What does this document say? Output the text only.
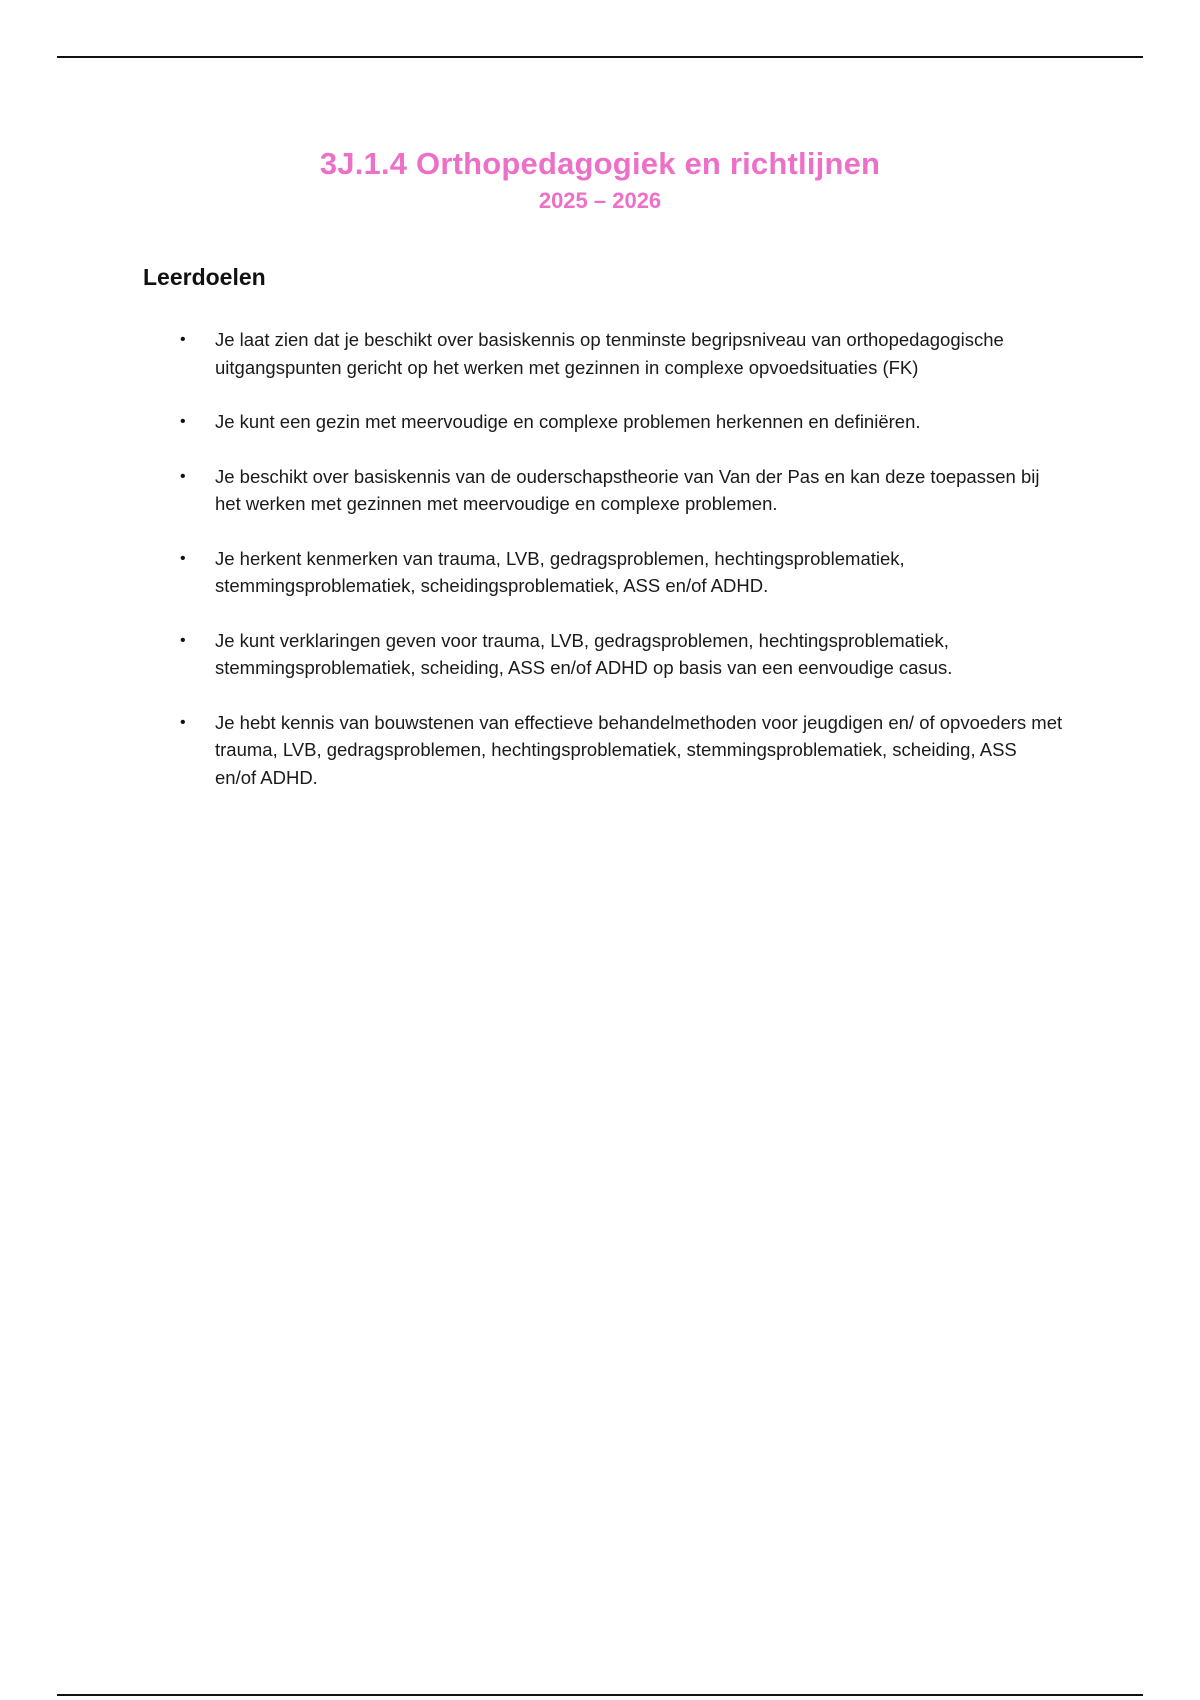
3J.1.4 Orthopedagogiek en richtlijnen
2025 – 2026
Leerdoelen
• Je laat zien dat je beschikt over basiskennis op tenminste begripsniveau van orthopedagogische uitgangspunten gericht op het werken met gezinnen in complexe opvoedsituaties (FK)
• Je kunt een gezin met meervoudige en complexe problemen herkennen en definiëren.
• Je beschikt over basiskennis van de ouderschapstheorie van Van der Pas en kan deze toepassen bij het werken met gezinnen met meervoudige en complexe problemen.
• Je herkent kenmerken van trauma, LVB, gedragsproblemen, hechtingsproblematiek, stemmingsproblematiek, scheidingsproblematiek, ASS en/of ADHD.
• Je kunt verklaringen geven voor trauma, LVB, gedragsproblemen, hechtingsproblematiek, stemmingsproblematiek, scheiding, ASS en/of ADHD op basis van een eenvoudige casus.
• Je hebt kennis van bouwstenen van effectieve behandelmethoden voor jeugdigen en/ of opvoeders met trauma, LVB, gedragsproblemen, hechtingsproblematiek, stemmingsproblematiek, scheiding, ASS en/of ADHD.
